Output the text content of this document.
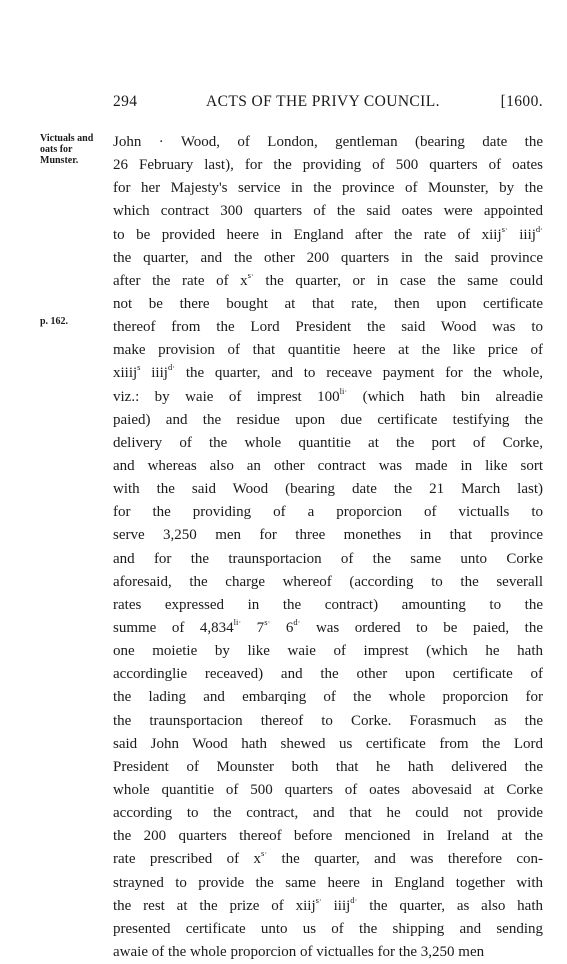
294	ACTS OF THE PRIVY COUNCIL.	[1600.
Victuals and
oats for
Munster.
p. 162.
John · Wood, of London, gentleman (bearing date the
26 February last), for the providing of 500 quarters of oates
for her Majesty's service in the province of Mounster, by the
which contract 300 quarters of the said oates were appointed
to be provided heere in England after the rate of xiij$^{s\cdot}$ iiij$^{d\cdot}$
the quarter, and the other 200 quarters in the said province
after the rate of $x^{s\cdot}$ the quarter, or in case the same could
not be there bought at that rate, then upon certificate
thereof from the Lord President the said Wood was to
make provision of that quantitie heere at the like price of
xiiij$^s$ iiij$^{d\cdot}$ the quarter, and to receave payment for the whole,
viz.: by waie of imprest $100^{li\cdot}$ (which hath bin alreadie
paied) and the residue upon due certificate testifying the
delivery of the whole quantitie at the port of Corke,
and whereas also an other contract was made in like sort
with the said Wood (bearing date the 21 March last)
for the providing of a proporcion of victualls to
serve 3,250 men for three monethes in that province
and for the traunsportacion of the same unto Corke
aforesaid, the charge whereof (according to the severall
rates expressed in the contract) amounting to the
summe of $4,834^{li\cdot}$ $7^{s\cdot}$ $6^{d\cdot}$ was ordered to be paied, the
one moietie by like waie of imprest (which he hath
accordinglie receaved) and the other upon certificate of
the lading and embarqing of the whole proporcion for
the traunsportacion thereof to Corke. Forasmuch as the
said John Wood hath shewed us certificate from the Lord
President of Mounster both that he hath delivered the
whole quantitie of 500 quarters of oates abovesaid at Corke
according to the contract, and that he could not provide
the 200 quarters thereof before mencioned in Ireland at the
rate prescribed of $x^{s\cdot}$ the quarter, and was therefore con-
strayned to provide the same heere in England together with
the rest at the prize of xiij$^{s\cdot}$ iiij$^{d\cdot}$ the quarter, as also hath
presented certificate unto us of the shipping and sending
awaie of the whole proporcion of victualles for the 3,250 men
